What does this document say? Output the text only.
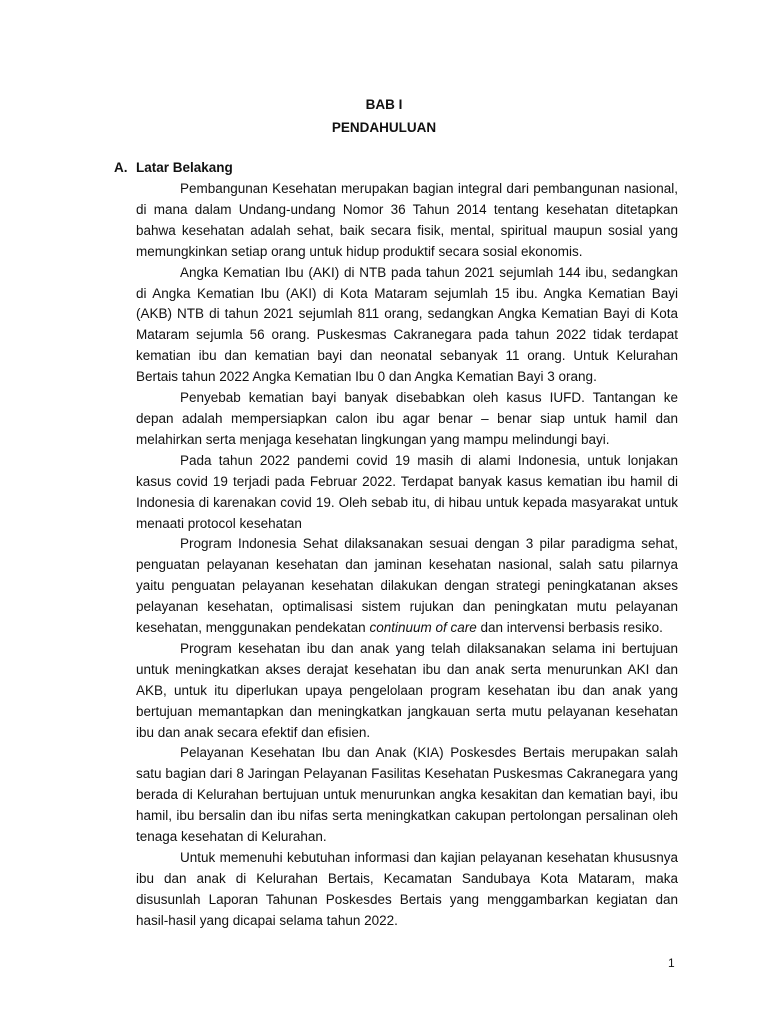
BAB I
PENDAHULUAN
A. Latar Belakang

Pembangunan Kesehatan merupakan bagian integral dari pembangunan nasional, di mana dalam Undang-undang Nomor 36 Tahun 2014 tentang kesehatan ditetapkan bahwa kesehatan adalah sehat, baik secara fisik, mental, spiritual maupun sosial yang memungkinkan setiap orang untuk hidup produktif secara sosial ekonomis.

Angka Kematian Ibu (AKI) di NTB pada tahun 2021 sejumlah 144 ibu, sedangkan di Angka Kematian Ibu (AKI) di Kota Mataram sejumlah 15 ibu. Angka Kematian Bayi (AKB) NTB di tahun 2021 sejumlah 811 orang, sedangkan Angka Kematian Bayi di Kota Mataram sejumla 56 orang. Puskesmas Cakranegara pada tahun 2022 tidak terdapat kematian ibu dan kematian bayi dan neonatal sebanyak 11 orang. Untuk Kelurahan Bertais tahun 2022 Angka Kematian Ibu 0 dan Angka Kematian Bayi 3 orang.

Penyebab kematian bayi banyak disebabkan oleh kasus IUFD. Tantangan ke depan adalah mempersiapkan calon ibu agar benar – benar siap untuk hamil dan melahirkan serta menjaga kesehatan lingkungan yang mampu melindungi bayi.

Pada tahun 2022 pandemi covid 19 masih di alami Indonesia, untuk lonjakan kasus covid 19 terjadi pada Februar 2022. Terdapat banyak kasus kematian ibu hamil di Indonesia di karenakan covid 19. Oleh sebab itu, di hibau untuk kepada masyarakat untuk menaati protocol kesehatan

Program Indonesia Sehat dilaksanakan sesuai dengan 3 pilar paradigma sehat, penguatan pelayanan kesehatan dan jaminan kesehatan nasional, salah satu pilarnya yaitu penguatan pelayanan kesehatan dilakukan dengan strategi peningkatanan akses pelayanan kesehatan, optimalisasi sistem rujukan dan peningkatan mutu pelayanan kesehatan, menggunakan pendekatan continuum of care dan intervensi berbasis resiko.

Program kesehatan ibu dan anak yang telah dilaksanakan selama ini bertujuan untuk meningkatkan akses derajat kesehatan ibu dan anak serta menurunkan AKI dan AKB, untuk itu diperlukan upaya pengelolaan program kesehatan ibu dan anak yang bertujuan memantapkan dan meningkatkan jangkauan serta mutu pelayanan kesehatan ibu dan anak secara efektif dan efisien.

Pelayanan Kesehatan Ibu dan Anak (KIA) Poskesdes Bertais merupakan salah satu bagian dari 8 Jaringan Pelayanan Fasilitas Kesehatan Puskesmas Cakranegara yang berada di Kelurahan bertujuan untuk menurunkan angka kesakitan dan kematian bayi, ibu hamil, ibu bersalin dan ibu nifas serta meningkatkan cakupan pertolongan persalinan oleh tenaga kesehatan di Kelurahan.

Untuk memenuhi kebutuhan informasi dan kajian pelayanan kesehatan khususnya ibu dan anak di Kelurahan Bertais, Kecamatan Sandubaya Kota Mataram, maka disusunlah Laporan Tahunan Poskesdes Bertais yang menggambarkan kegiatan dan hasil-hasil yang dicapai selama tahun 2022.

1
